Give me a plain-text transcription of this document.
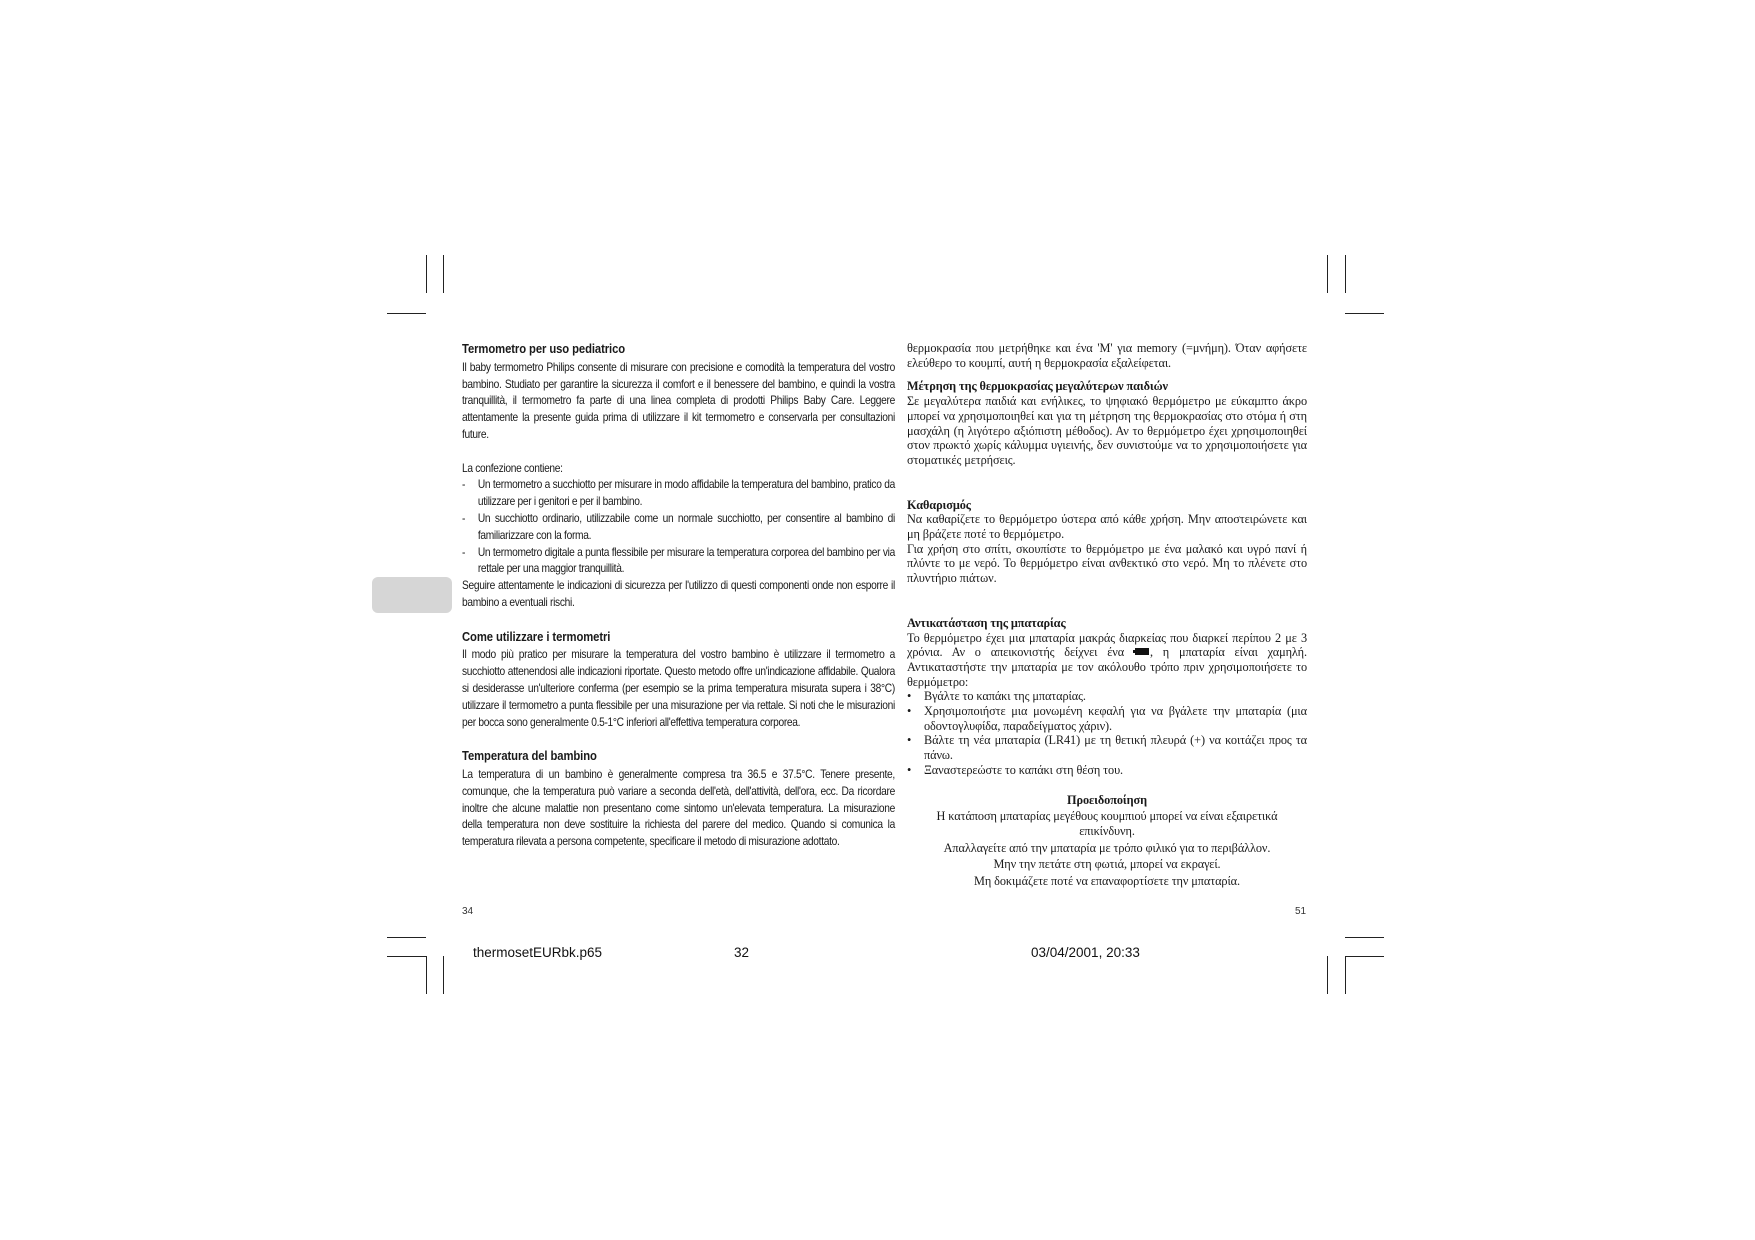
Termometro per uso pediatrico

Il baby termometro Philips consente di misurare con precisione e comodità la temperatura del vostro bambino. Studiato per garantire la sicurezza il comfort e il benessere del bambino, e quindi la vostra tranquillità, il termometro fa parte di una linea completa di prodotti Philips Baby Care. Leggere attentamente la presente guida prima di utilizzare il kit termometro e conservarla per consultazioni future.

La confezione contiene:

- Un termometro a succhiotto per misurare in modo affidabile la temperatura del bambino, pratico da utilizzare per i genitori e per il bambino.
- Un succhiotto ordinario, utilizzabile come un normale succhiotto, per consentire al bambino di familiarizzare con la forma.
- Un termometro digitale a punta flessibile per misurare la temperatura corporea del bambino per via rettale per una maggior tranquillità.

Seguire attentamente le indicazioni di sicurezza per l'utilizzo di questi componenti onde non esporre il bambino a eventuali rischi.

Come utilizzare i termometri

Il modo più pratico per misurare la temperatura del vostro bambino è utilizzare il termometro a succhiotto attenendosi alle indicazioni riportate. Questo metodo offre un'indicazione affidabile. Qualora si desiderasse un'ulteriore conferma (per esempio se la prima temperatura misurata supera i 38°C) utilizzare il termometro a punta flessibile per una misurazione per via rettale. Si noti che le misurazioni per bocca sono generalmente 0.5-1°C inferiori all'effettiva temperatura corporea.

Temperatura del bambino

La temperatura di un bambino è generalmente compresa tra 36.5 e 37.5°C. Tenere presente, comunque, che la temperatura può variare a seconda dell'età, dell'attività, dell'ora, ecc. Da ricordare inoltre che alcune malattie non presentano come sintomo un'elevata temperatura. La misurazione della temperatura non deve sostituire la richiesta del parere del medico. Quando si comunica la temperatura rilevata a persona competente, specificare il metodo di misurazione adottato.

θερμοκρασία που μετρήθηκε και ένα 'M' για memory (=μνήμη). Όταν αφήσετε ελεύθερο το κουμπί, αυτή η θερμοκρασία εξαλείφεται.

Μέτρηση της θερμοκρασίας μεγαλύτερων παιδιών

Σε μεγαλύτερα παιδιά και ενήλικες, το ψηφιακό θερμόμετρο με εύκαμπτο άκρο μπορεί να χρησιμοποιηθεί και για τη μέτρηση της θερμοκρασίας στο στόμα ή στη μασχάλη (η λιγότερο αξιόπιστη μέθοδος). Αν το θερμόμετρο έχει χρησιμοποιηθεί στον πρωκτό χωρίς κάλυμμα υγιεινής, δεν συνιστούμε να το χρησιμοποιήσετε για στοματικές μετρήσεις.

Καθαρισμός

Να καθαρίζετε το θερμόμετρο ύστερα από κάθε χρήση. Μην αποστειρώνετε και μη βράζετε ποτέ το θερμόμετρο.

Για χρήση στο σπίτι, σκουπίστε το θερμόμετρο με ένα μαλακό και υγρό πανί ή πλύντε το με νερό. Το θερμόμετρο είναι ανθεκτικό στο νερό. Μη το πλένετε στο πλυντήριο πιάτων.

Αντικατάσταση της μπαταρίας

Το θερμόμετρο έχει μια μπαταρία μακράς διαρκείας που διαρκεί περίπου 2 με 3 χρόνια. Αν ο απεικονιστής δείχνει ένα , η μπαταρία είναι χαμηλή. Αντικαταστήστε την μπαταρία με τον ακόλουθο τρόπο πριν χρησιμοποιήσετε το θερμόμετρο:

• Βγάλτε το καπάκι της μπαταρίας.
• Χρησιμοποιήστε μια μονωμένη κεφαλή για να βγάλετε την μπαταρία (μια οδοντογλυφίδα, παραδείγματος χάριν).
• Βάλτε τη νέα μπαταρία (LR41) με τη θετική πλευρά (+) να κοιτάζει προς τα πάνω.
• Ξαναστερεώστε το καπάκι στη θέση του.
Προειδοποίηση

Η κατάποση μπαταρίας μεγέθους κουμπιού μπορεί να είναι εξαιρετικά επικίνδυνη.

Απαλλαγείτε από την μπαταρία με τρόπο φιλικό για το περιβάλλον.

Μην την πετάτε στη φωτιά, μπορεί να εκραγεί.

Μη δοκιμάζετε ποτέ να επαναφορτίσετε την μπαταρία.

34	51
thermosetEURbk.p65	32	03/04/2001, 20:33
